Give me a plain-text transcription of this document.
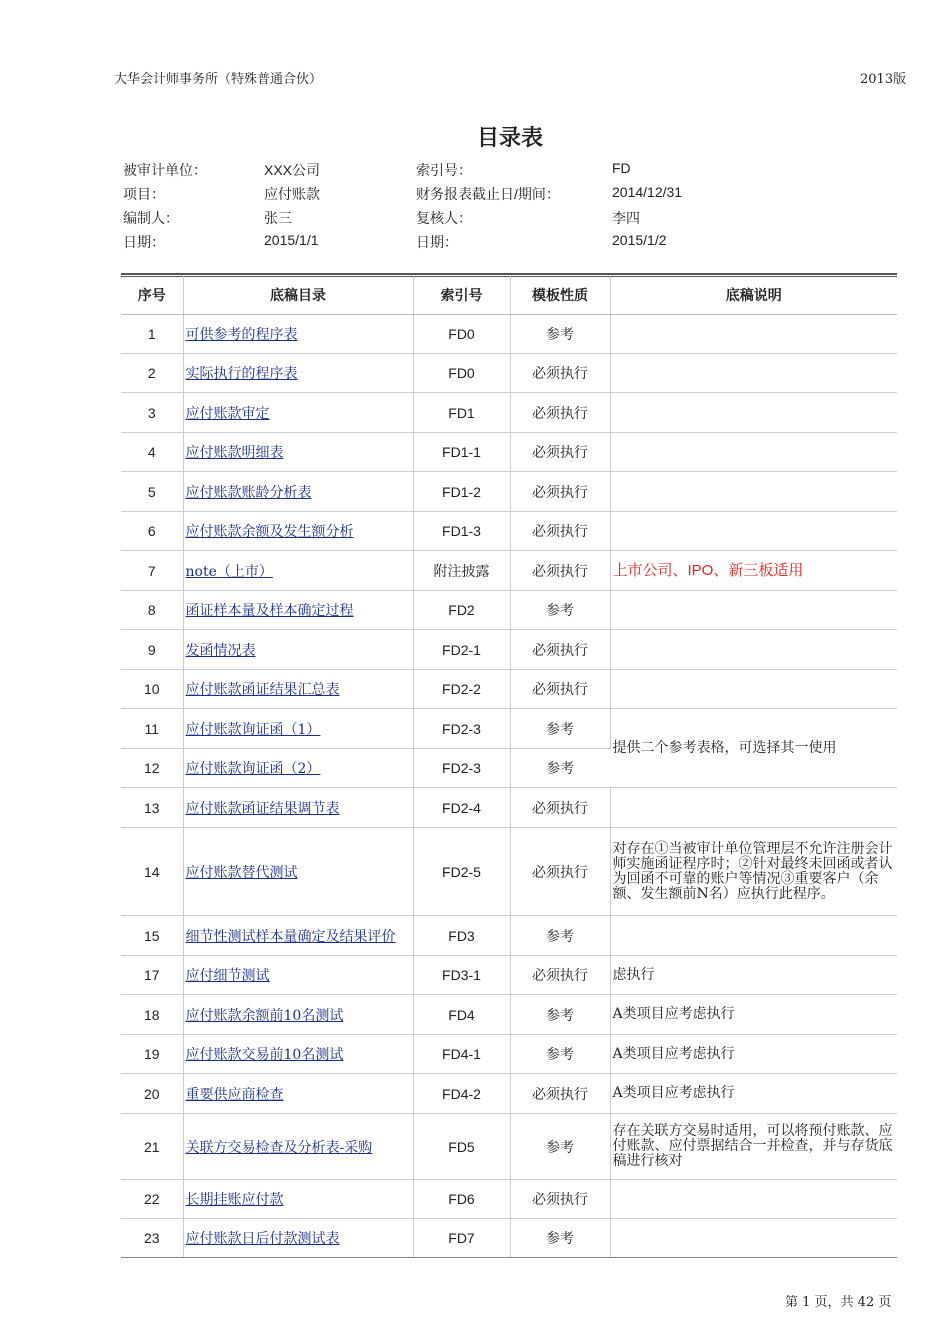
大华会计师事务所（特殊普通合伙）	2013版
目录表
被审计单位：	XXX公司	索引号：	FD
项目：	应付账款	财务报表截止日/期间：	2014/12/31
编制人：	张三	复核人：	李四
日期：	2015/1/1	日期：	2015/1/2
序号	底稿目录	索引号	模板性质	底稿说明
1	可供参考的程序表	FD0	参考	
2	实际执行的程序表	FD0	必须执行	
3	应付账款审定	FD1	必须执行	
4	应付账款明细表	FD1-1	必须执行	
5	应付账款账龄分析表	FD1-2	必须执行	
6	应付账款余额及发生额分析	FD1-3	必须执行	
7	note（上市）	附注披露	必须执行	上市公司、IPO、新三板适用
8	函证样本量及样本确定过程	FD2	参考	
9	发函情况表	FD2-1	必须执行	
10	应付账款函证结果汇总表	FD2-2	必须执行	
11	应付账款询证函（1）	FD2-3	参考	提供二个参考表格，可选择其一使用
12	应付账款询证函（2）	FD2-3	参考	
13	应付账款函证结果调节表	FD2-4	必须执行	
14	应付账款替代测试	FD2-5	必须执行	对存在①当被审计单位管理层不允许注册会计师实施函证程序时；②针对最终未回函或者认为回函不可靠的账户等情况③重要客户（余额、发生额前N名）应执行此程序。
15	细节性测试样本量确定及结果评价	FD3	参考	
17	应付细节测试	FD3-1	必须执行	虑执行
18	应付账款余额前10名测试	FD4	参考	A类项目应考虑执行
19	应付账款交易前10名测试	FD4-1	参考	A类项目应考虑执行
20	重要供应商检查	FD4-2	必须执行	A类项目应考虑执行
21	关联方交易检查及分析表-采购	FD5	参考	存在关联方交易时适用，可以将预付账款、应付账款、应付票据结合一并检查，并与存货底稿进行核对
22	长期挂账应付款	FD6	必须执行	
23	应付账款日后付款测试表	FD7	参考	
第 1 页，共 42 页
